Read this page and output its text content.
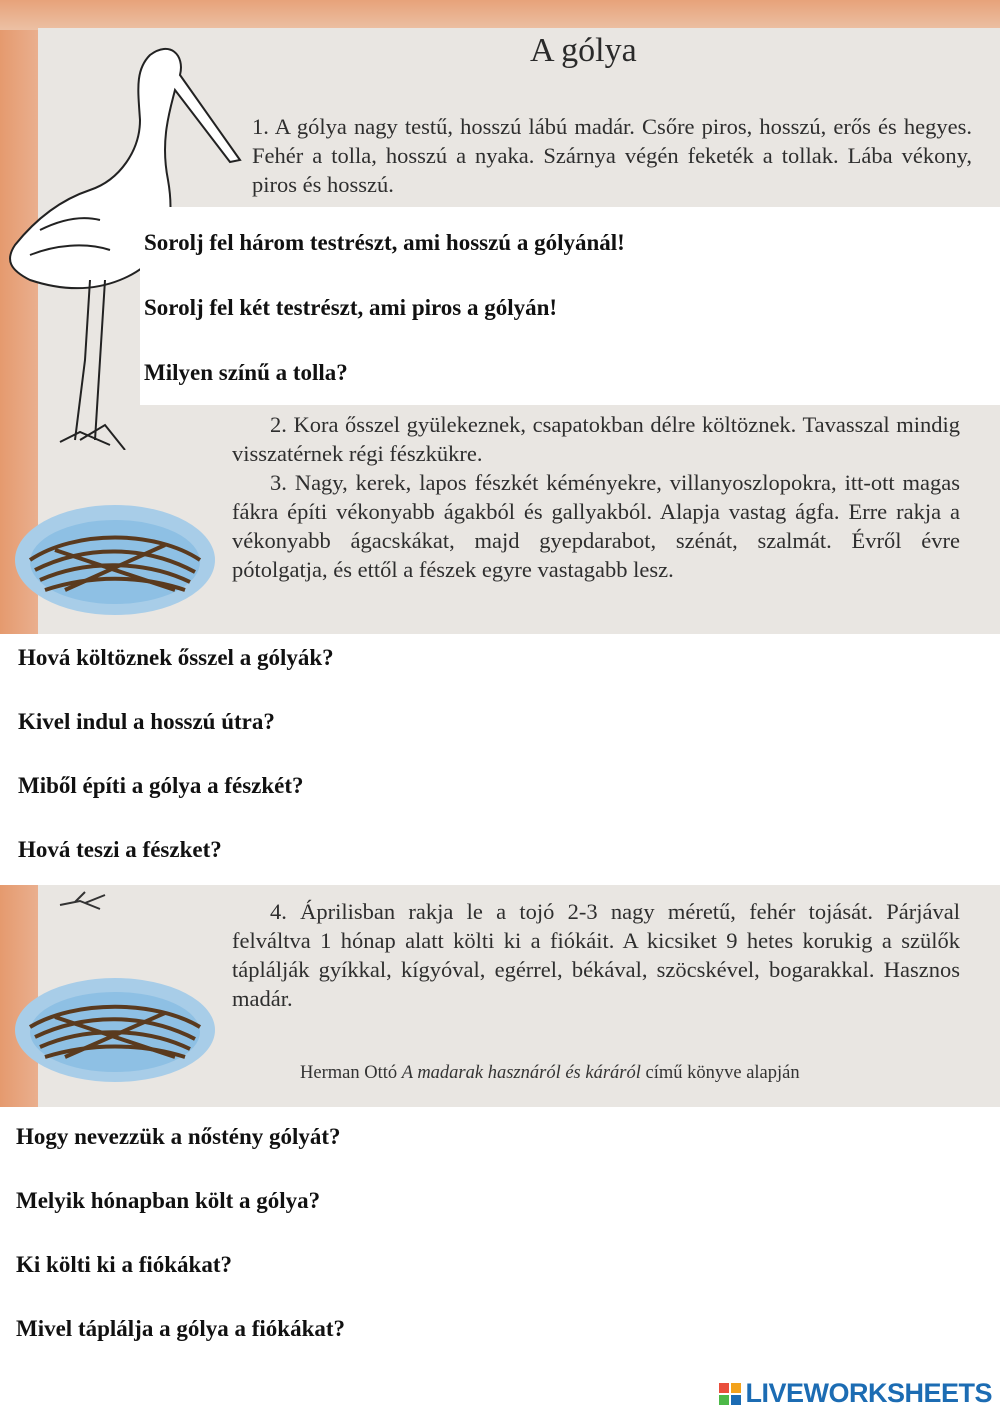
A gólya

1. A gólya nagy testű, hosszú lábú madár. Csőre piros, hosszú, erős és hegyes. Fehér a tolla, hosszú a nyaka. Szárnya végén feketék a tollak. Lába vékony, piros és hosszú.

2. Kora ősszel gyülekeznek, csapatokban délre költöznek. Tavasszal mindig visszatérnek régi fészkükre.

3. Nagy, kerek, lapos fészkét kéményekre, villanyoszlopokra, itt-ott magas fákra építi vékonyabb ágakból és gallyakból. Alapja vastag ágfa. Erre rakja a vékonyabb ágacskákat, majd gyepdarabot, szénát, szalmát. Évről évre pótolgatja, és ettől a fészek egyre vastagabb lesz.

Sorolj fel három testrészt, ami hosszú a gólyánál!
Sorolj fel két testrészt, ami piros a gólyán!
Milyen színű a tolla?
Hová költöznek ősszel a gólyák?
Kivel indul a hosszú útra?
Miből építi a gólya a fészkét?
Hová teszi a fészket?

4. Áprilisban rakja le a tojó 2-3 nagy méretű, fehér tojását. Párjával felváltva 1 hónap alatt költi ki a fiókáit. A kicsiket 9 hetes korukig a szülők táplálják gyíkkal, kígyóval, egérrel, békával, szöcskével, bogarakkal. Hasznos madár.

Herman Ottó A madarak hasznáról és káráról című könyve alapján
Hogy nevezzük a nőstény gólyát?
Melyik hónapban költ a gólya?
Ki költi ki a fiókákat?
Mivel táplálja a gólya a fiókákat?
LIVEWORKSHEETS
